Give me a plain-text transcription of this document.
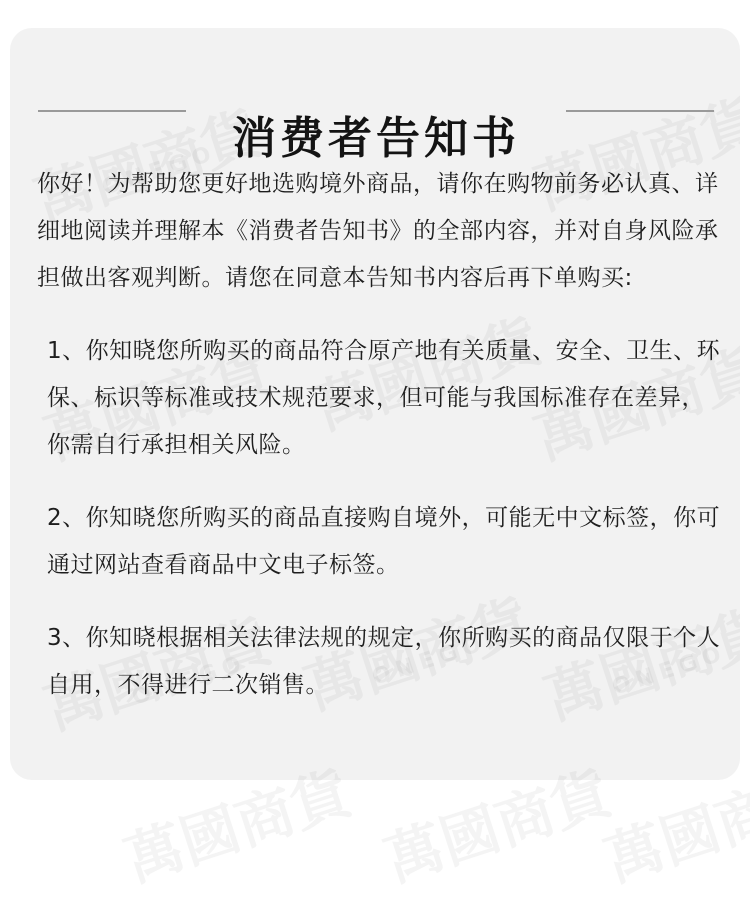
消费者告知书

你好！为帮助您更好地选购境外商品，请你在购物前务必认真、详细地阅读并理解本《消费者告知书》的全部内容，并对自身风险承担做出客观判断。请您在同意本告知书内容后再下单购买:

1、你知晓您所购买的商品符合原产地有关质量、安全、卫生、环保、标识等标准或技术规范要求，但可能与我国标准存在差异，你需自行承担相关风险。

2、你知晓您所购买的商品直接购自境外，可能无中文标签，你可通过网站查看商品中文电子标签。

3、你知晓根据相关法律法规的规定，你所购买的商品仅限于个人自用，不得进行二次销售。
